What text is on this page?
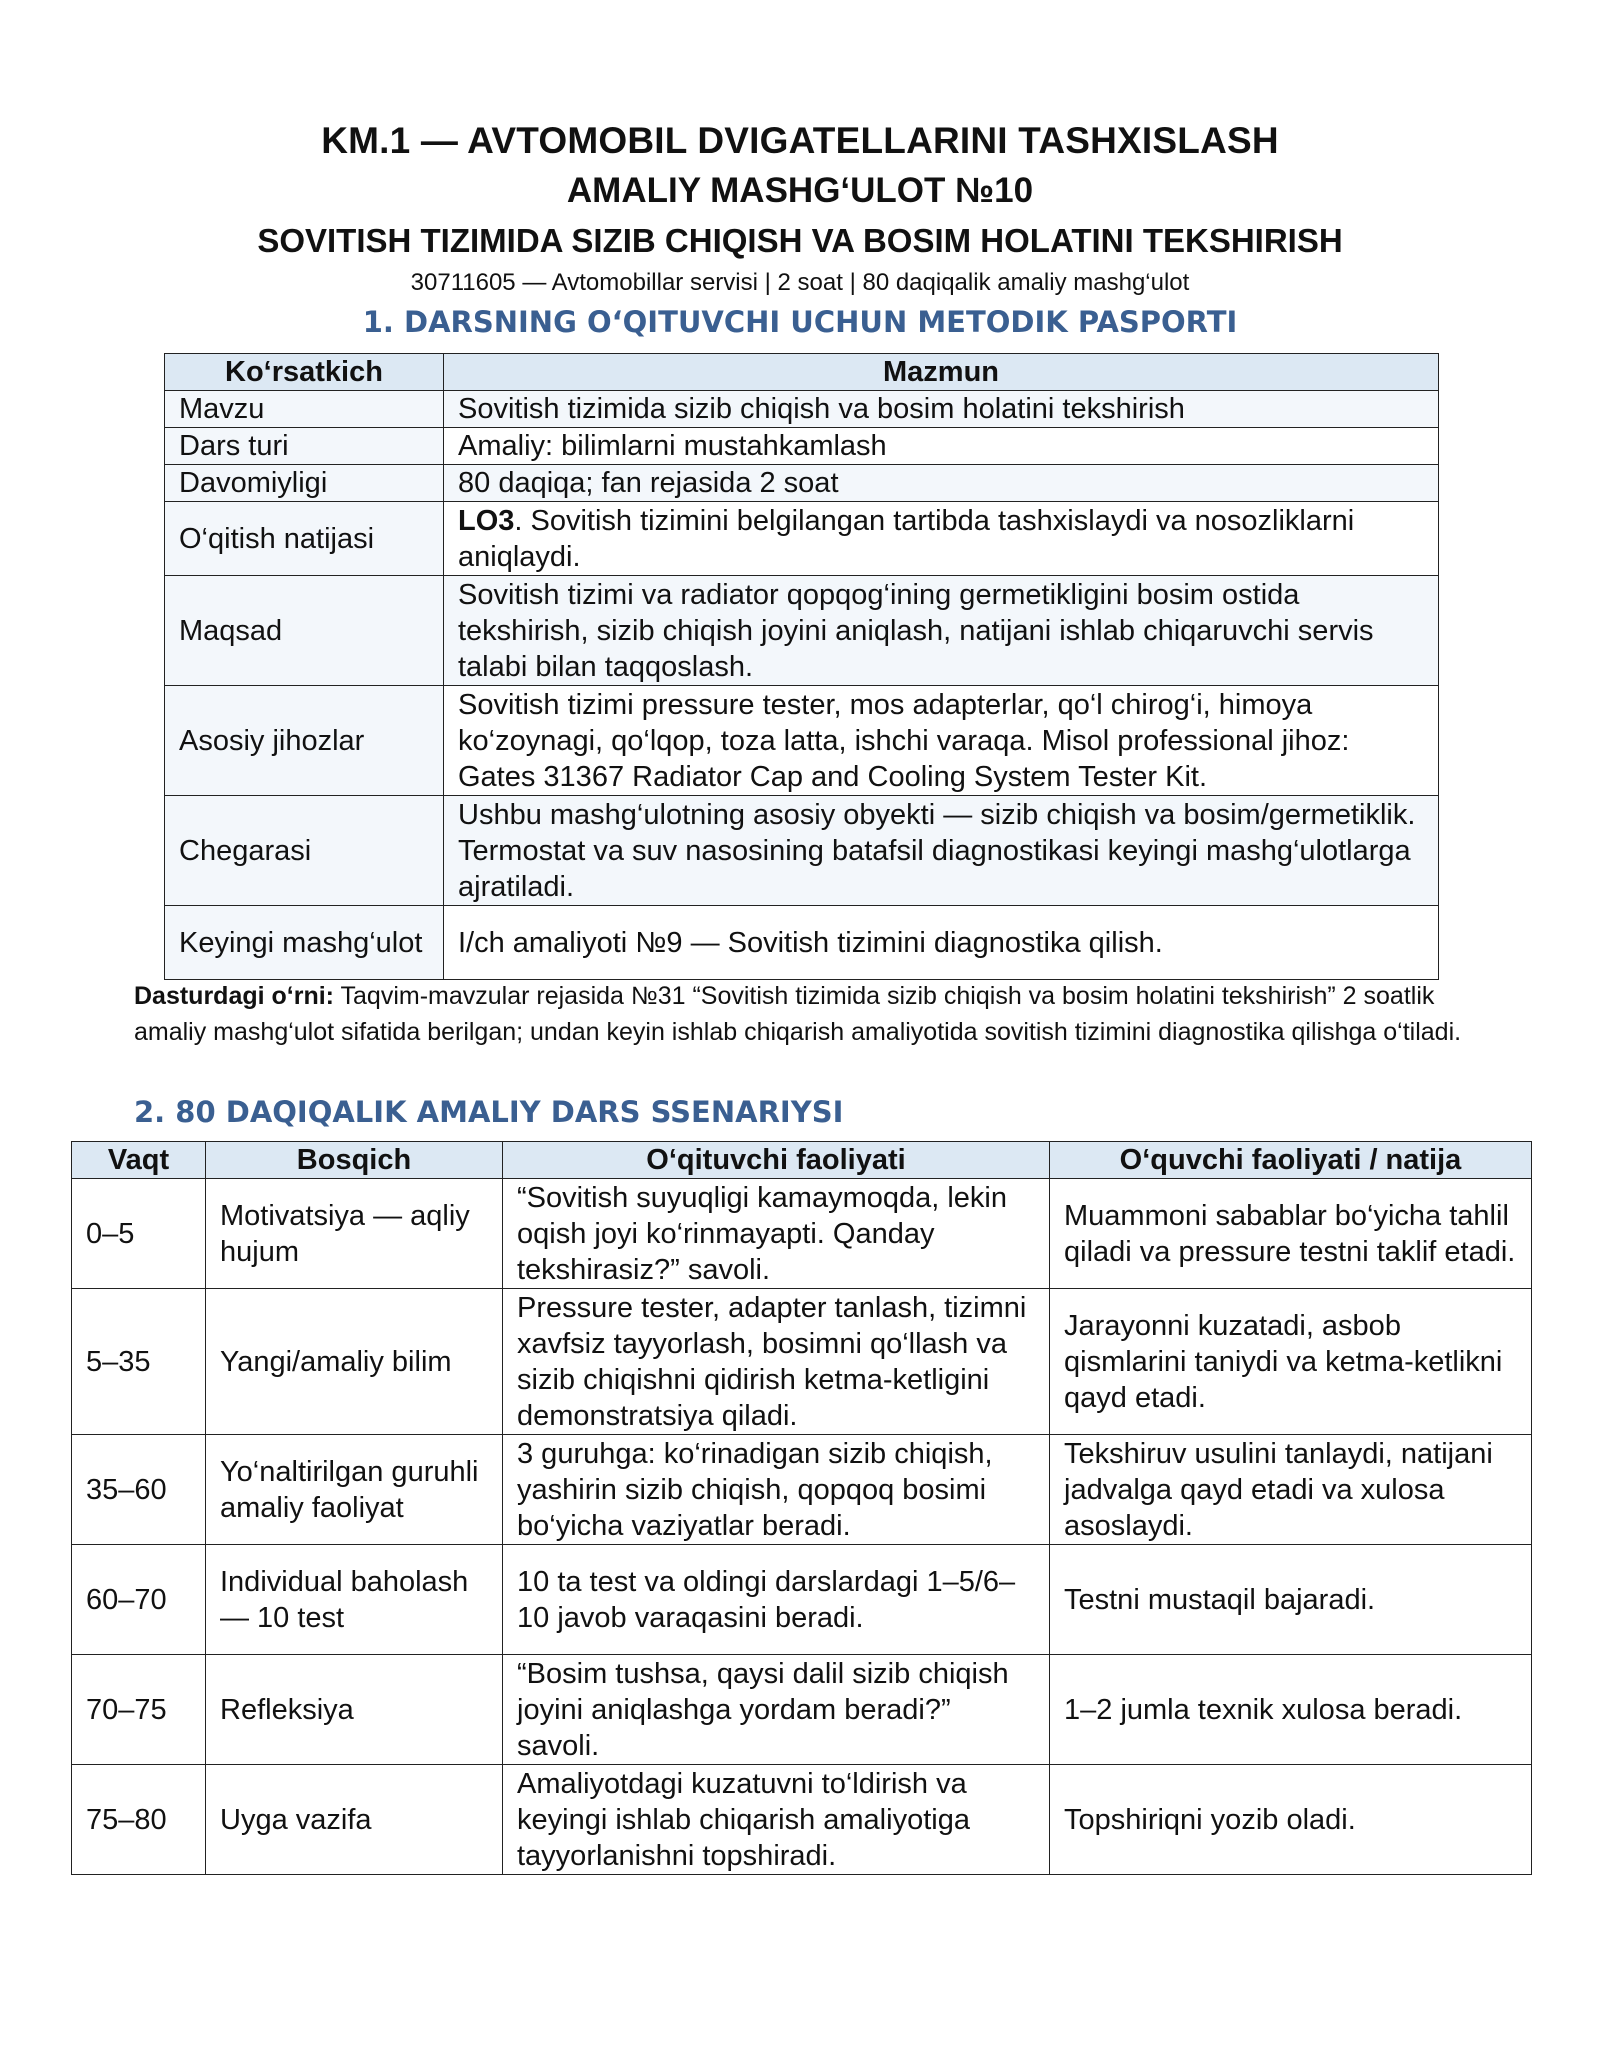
KM.1 — AVTOMOBIL DVIGATELLARINI TASHXISLASH
AMALIY MASHG‘ULOT №10
SOVITISH TIZIMIDA SIZIB CHIQISH VA BOSIM HOLATINI TEKSHIRISH
30711605 — Avtomobillar servisi | 2 soat | 80 daqiqalik amaliy mashg‘ulot
1. DARSNING O‘QITUVCHI UCHUN METODIK PASPORTI
Ko‘rsatkich	Mazmun
Mavzu	Sovitish tizimida sizib chiqish va bosim holatini tekshirish
Dars turi	Amaliy: bilimlarni mustahkamlash
Davomiyligi	80 daqiqa; fan rejasida 2 soat
O‘qitish natijasi	LO3. Sovitish tizimini belgilangan tartibda tashxislaydi va nosozliklarni aniqlaydi.
Maqsad	Sovitish tizimi va radiator qopqog‘ining germetikligini bosim ostida tekshirish, sizib chiqish joyini aniqlash, natijani ishlab chiqaruvchi servis talabi bilan taqqoslash.
Asosiy jihozlar	Sovitish tizimi pressure tester, mos adapterlar, qo‘l chirog‘i, himoya ko‘zoynagi, qo‘lqop, toza latta, ishchi varaqa. Misol professional jihoz: Gates 31367 Radiator Cap and Cooling System Tester Kit.
Chegarasi	Ushbu mashg‘ulotning asosiy obyekti — sizib chiqish va bosim/germetiklik. Termostat va suv nasosining batafsil diagnostikasi keyingi mashg‘ulotlarga ajratiladi.
Keyingi mashg‘ulot	I/ch amaliyoti №9 — Sovitish tizimini diagnostika qilish.
Dasturdagi o‘rni: Taqvim-mavzular rejasida №31 “Sovitish tizimida sizib chiqish va bosim holatini tekshirish” 2 soatlik amaliy mashg‘ulot sifatida berilgan; undan keyin ishlab chiqarish amaliyotida sovitish tizimini diagnostika qilishga o‘tiladi.
2. 80 DAQIQALIK AMALIY DARS SSENARIYSI
Vaqt	Bosqich	O‘qituvchi faoliyati	O‘quvchi faoliyati / natija
0–5	Motivatsiya — aqliy hujum	“Sovitish suyuqligi kamaymoqda, lekin oqish joyi ko‘rinmayapti. Qanday tekshirasiz?” savoli.	Muammoni sabablar bo‘yicha tahlil qiladi va pressure testni taklif etadi.
5–35	Yangi/amaliy bilim	Pressure tester, adapter tanlash, tizimni xavfsiz tayyorlash, bosimni qo‘llash va sizib chiqishni qidirish ketma-ketligini demonstratsiya qiladi.	Jarayonni kuzatadi, asbob qismlarini taniydi va ketma-ketlikni qayd etadi.
35–60	Yo‘naltirilgan guruhli amaliy faoliyat	3 guruhga: ko‘rinadigan sizib chiqish, yashirin sizib chiqish, qopqoq bosimi bo‘yicha vaziyatlar beradi.	Tekshiruv usulini tanlaydi, natijani jadvalga qayd etadi va xulosa asoslaydi.
60–70	Individual baholash — 10 test	10 ta test va oldingi darslardagi 1–5/6–10 javob varaqasini beradi.	Testni mustaqil bajaradi.
70–75	Refleksiya	“Bosim tushsa, qaysi dalil sizib chiqish joyini aniqlashga yordam beradi?” savoli.	1–2 jumla texnik xulosa beradi.
75–80	Uyga vazifa	Amaliyotdagi kuzatuvni to‘ldirish va keyingi ishlab chiqarish amaliyotiga tayyorlanishni topshiradi.	Topshiriqni yozib oladi.
